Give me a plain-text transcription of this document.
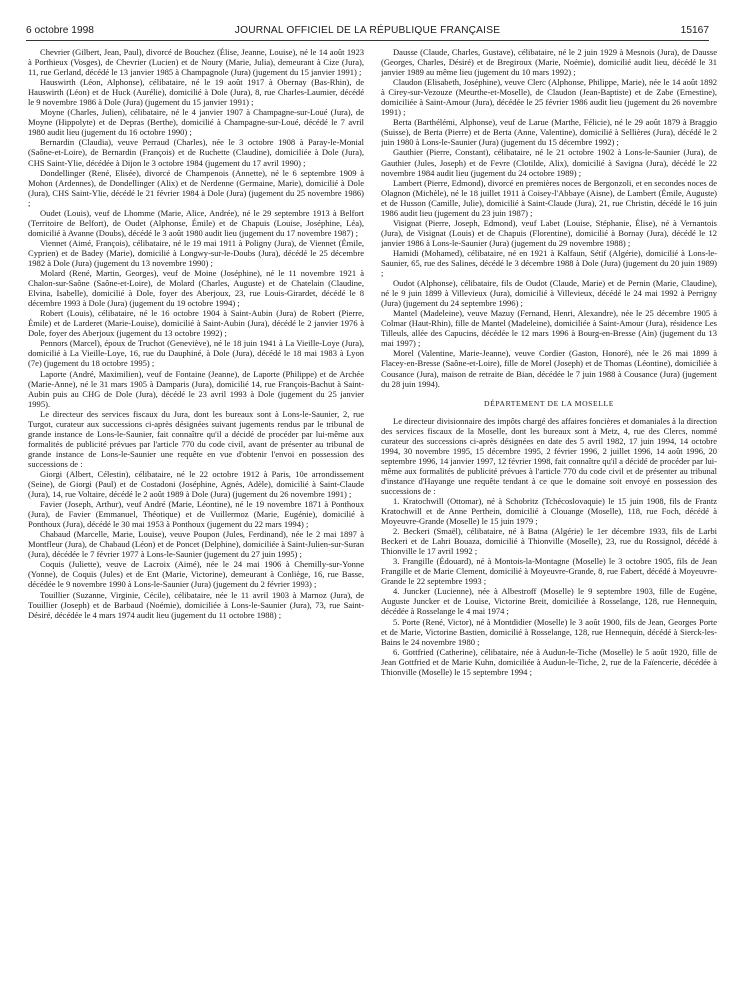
6 octobre 1998	JOURNAL OFFICIEL DE LA RÉPUBLIQUE FRANÇAISE	15167

Chevrier (Gilbert, Jean, Paul), divorcé de Bouchez (Élise, Jeanne, Louise), né le 14 août 1923 à Porthieux (Vosges), de Chevrier (Lucien) et de Noury (Marie, Julia), demeurant à Cize (Jura), 11, rue Gerland, décédé le 13 janvier 1985 à Champagnole (Jura) (jugement du 15 janvier 1991) ;

Hauswirth (Léon, Alphonse), célibataire, né le 19 août 1917 à Obernay (Bas-Rhin), de Hauswirth (Léon) et de Huck (Aurélie), domicilié à Dole (Jura), 8, rue Charles-Laumier, décédé le 9 novembre 1986 à Dole (Jura) (jugement du 15 janvier 1991) ;

Moyne (Charles, Julien), célibataire, né le 4 janvier 1907 à Champagne-sur-Loué (Jura), de Moyne (Hippolyte) et de Depras (Berthe), domicilié à Champagne-sur-Loué, décédé le 7 avril 1980 audit lieu (jugement du 16 octobre 1990) ;

Bernardin (Claudia), veuve Perraud (Charles), née le 3 octobre 1908 à Paray-le-Monial (Saône-et-Loire), de Bernardin (François) et de Ruchette (Claudine), domiciliée à Dole (Jura), CHS Saint-Ylie, décédée à Dijon le 3 octobre 1984 (jugement du 17 avril 1990) ;

Dondellinger (René, Elisée), divorcé de Champenois (Annette), né le 6 septembre 1909 à Mohon (Ardennes), de Dondellinger (Alix) et de Nerdenne (Germaine, Marie), domicilié à Dole (Jura), CHS Saint-Ylie, décédé le 21 février 1984 à Dole (Jura) (jugement du 25 novembre 1986) ;

Oudet (Louis), veuf de Lhomme (Marie, Alice, Andrée), né le 29 septembre 1913 à Belfort (Territoire de Belfort), de Oudet (Alphonse, Émile) et de Chapuis (Louise, Joséphine, Léa), domicilié à Avanne (Doubs), décédé le 3 août 1980 audit lieu (jugement du 17 novembre 1987) ;

Viennet (Aimé, François), célibataire, né le 19 mai 1911 à Poligny (Jura), de Viennet (Émile, Cyprien) et de Badey (Marie), domicilié à Longwy-sur-le-Doubs (Jura), décédé le 25 décembre 1982 à Dole (Jura) (jugement du 13 novembre 1990) ;

Molard (René, Martin, Georges), veuf de Moine (Joséphine), né le 11 novembre 1921 à Chalon-sur-Saône (Saône-et-Loire), de Molard (Charles, Auguste) et de Chatelain (Claudine, Elvina, Isabelle), domicilié à Dole, foyer des Aberjoux, 23, rue Louis-Girardet, décédé le 8 décembre 1993 à Dole (Jura) (jugement du 19 octobre 1994) ;

Robert (Louis), célibataire, né le 16 octobre 1904 à Saint-Aubin (Jura) de Robert (Pierre, Émile) et de Larderet (Marie-Louise), domicilié à Saint-Aubin (Jura), décédé le 2 janvier 1976 à Dole, foyer des Aberjoux (jugement du 13 octobre 1992) ;

Pennors (Marcel), époux de Truchot (Geneviève), né le 18 juin 1941 à La Vieille-Loye (Jura), domicilié à La Vieille-Loye, 16, rue du Dauphiné, à Dole (Jura), décédé le 18 mai 1983 à Lyon (7e) (jugement du 18 octobre 1995) ;

Laporte (André, Maximilien), veuf de Fontaine (Jeanne), de Laporte (Philippe) et de Archée (Marie-Anne), né le 31 mars 1905 à Damparis (Jura), domicilié 14, rue François-Bachut à Saint-Aubin puis au CHG de Dole (Jura), décédé le 23 avril 1993 à Dole (jugement du 25 janvier 1995).

Le directeur des services fiscaux du Jura, dont les bureaux sont à Lons-le-Saunier, 2, rue Turgot, curateur aux successions ci-après désignées suivant jugements rendus par le tribunal de grande instance de Lons-le-Saunier, fait connaître qu'il a décidé de procéder par lui-même aux formalités de publicité prévues par l'article 770 du code civil, avant de présenter au tribunal de grande instance de Lons-le-Saunier une requête en vue d'obtenir l'envoi en possession des successions de :

Giorgi (Albert, Célestin), célibataire, né le 22 octobre 1912 à Paris, 10e arrondissement (Seine), de Giorgi (Paul) et de Costadoni (Joséphine, Agnès, Adèle), domicilié à Saint-Claude (Jura), 14, rue Voltaire, décédé le 2 août 1989 à Dole (Jura) (jugement du 26 novembre 1991) ;

Favier (Joseph, Arthur), veuf André (Marie, Léontine), né le 19 novembre 1871 à Ponthoux (Jura), de Favier (Emmanuel, Théotique) et de Vuillermoz (Marie, Eugénie), domicilié à Ponthoux (Jura), décédé le 30 mai 1953 à Ponthoux (jugement du 22 mars 1994) ;

Chabaud (Marcelle, Marie, Louise), veuve Poupon (Jules, Ferdinand), née le 2 mai 1897 à Montfleur (Jura), de Chabaud (Léon) et de Poncet (Delphine), domiciliée à Saint-Julien-sur-Suran (Jura), décédée le 7 février 1977 à Lons-le-Saunier (jugement du 27 juin 1995) ;

Coquis (Juliette), veuve de Lacroix (Aimé), née le 24 mai 1906 à Chemilly-sur-Yonne (Yonne), de Coquis (Jules) et de Ent (Marie, Victorine), demeurant à Conliège, 16, rue Basse, décédée le 9 novembre 1990 à Lons-le-Saunier (Jura) (jugement du 2 février 1993) ;

Touillier (Suzanne, Virginie, Cécile), célibataire, née le 11 avril 1903 à Marnoz (Jura), de Touillier (Joseph) et de Barbaud (Noémie), domiciliée à Lons-le-Saunier (Jura), 73, rue Saint-Désiré, décédée le 4 mars 1974 audit lieu (jugement du 11 octobre 1988) ;

Dausse (Claude, Charles, Gustave), célibataire, né le 2 juin 1929 à Mesnois (Jura), de Dausse (Georges, Charles, Désiré) et de Bregiroux (Marie, Noémie), domicilié audit lieu, décédé le 31 janvier 1989 au même lieu (jugement du 10 mars 1992) ;

Claudon (Elisabeth, Joséphine), veuve Clerc (Alphonse, Philippe, Marie), née le 14 août 1892 à Cirey-sur-Vezouze (Meurthe-et-Moselle), de Claudon (Jean-Baptiste) et de Zabe (Ernestine), domiciliée à Saint-Amour (Jura), décédée le 25 février 1986 audit lieu (jugement du 26 novembre 1991) ;

Berta (Barthélémi, Alphonse), veuf de Larue (Marthe, Félicie), né le 29 août 1879 à Braggio (Suisse), de Berta (Pierre) et de Berta (Anne, Valentine), domicilié à Sellières (Jura), décédé le 2 juin 1980 à Lons-le-Saunier (Jura) (jugement du 15 décembre 1992) ;

Gauthier (Pierre, Constant), célibataire, né le 21 octobre 1902 à Lons-le-Saunier (Jura), de Gauthier (Jules, Joseph) et de Fevre (Clotilde, Alix), domicilié à Savigna (Jura), décédé le 22 novembre 1984 audit lieu (jugement du 24 octobre 1989) ;

Lambert (Pierre, Edmond), divorcé en premières noces de Bergonzoli, et en secondes noces de Olagnon (Michèle), né le 18 juillet 1911 à Coisey-l'Abbaye (Aisne), de Lambert (Émile, Auguste) et de Husson (Camille, Julie), domicilié à Saint-Claude (Jura), 21, rue Christin, décédé le 16 juin 1986 audit lieu (jugement du 23 juin 1987) ;

Visignat (Pierre, Joseph, Edmond), veuf Labet (Louise, Stéphanie, Élise), né à Vernantois (Jura), de Visignat (Louis) et de Chapuis (Florentine), domicilié à Bornay (Jura), décédé le 12 janvier 1986 à Lons-le-Saunier (Jura) (jugement du 29 novembre 1988) ;

Hamidi (Mohamed), célibataire, né en 1921 à Kalfaun, Sétif (Algérie), domicilié à Lons-le-Saunier, 65, rue des Salines, décédé le 3 décembre 1988 à Dole (Jura) (jugement du 20 juin 1989) ;

Oudot (Alphonse), célibataire, fils de Oudot (Claude, Marie) et de Pernin (Marie, Claudine), né le 9 juin 1899 à Villevieux (Jura), domicilié à Villevieux, décédé le 24 mai 1992 à Perrigny (Jura) (jugement du 24 septembre 1996) ;

Mantel (Madeleine), veuve Mazuy (Fernand, Henri, Alexandre), née le 25 décembre 1905 à Colmar (Haut-Rhin), fille de Mantel (Madeleine), domiciliée à Saint-Amour (Jura), résidence Les Tilleuls, allée des Capucins, décédée le 12 mars 1996 à Bourg-en-Bresse (Ain) (jugement du 13 mai 1997) ;

Morel (Valentine, Marie-Jeanne), veuve Cordier (Gaston, Honoré), née le 26 mai 1899 à Flacey-en-Bresse (Saône-et-Loire), fille de Morel (Joseph) et de Thomas (Léontine), domiciliée à Cousance (Jura), maison de retraite de Bian, décédée le 7 juin 1988 à Cousance (Jura) (jugement du 28 juin 1994).

DÉPARTEMENT DE LA MOSELLE

Le directeur divisionnaire des impôts chargé des affaires foncières et domaniales à la direction des services fiscaux de la Moselle, dont les bureaux sont à Metz, 4, rue des Clercs, nommé curateur des successions ci-après désignées en date des 5 avril 1982, 17 juin 1994, 14 octobre 1994, 30 novembre 1995, 15 décembre 1995, 2 février 1996, 2 juillet 1996, 14 août 1996, 20 septembre 1996, 14 janvier 1997, 12 février 1998, fait connaître qu'il a décidé de procéder par lui-même aux formalités de publicité prévues à l'article 770 du code civil et de présenter au tribunal d'instance d'Hayange une requête tendant à ce que le domaine soit envoyé en possession des successions de :

1. Kratochwill (Ottomar), né à Schobritz (Tchécoslovaquie) le 15 juin 1908, fils de Frantz Kratochwill et de Anne Perthein, domicilié à Clouange (Moselle), 118, rue Foch, décédé à Moyeuvre-Grande (Moselle) le 15 juin 1979 ;

2. Beckeri (Smaël), célibataire, né à Batna (Algérie) le 1er décembre 1933, fils de Larbi Beckeri et de Lahri Bouaza, domicilié à Thionville (Moselle), 23, rue du Rossignol, décédé à Thionville le 17 avril 1992 ;

3. Frangille (Édouard), né à Montois-la-Montagne (Moselle) le 3 octobre 1905, fils de Jean Frangille et de Marie Clement, domicilié à Moyeuvre-Grande, 8, rue Fabert, décédé à Moyeuvre-Grande le 22 septembre 1993 ;

4. Juncker (Lucienne), née à Albestroff (Moselle) le 9 septembre 1903, fille de Eugène, Auguste Juncker et de Louise, Victorine Breit, domiciliée à Rosselange, 128, rue Hennequin, décédée à Rosselange le 4 mai 1974 ;

5. Porte (René, Victor), né à Montdidier (Moselle) le 3 août 1900, fils de Jean, Georges Porte et de Marie, Victorine Bastien, domicilié à Rosselange, 128, rue Hennequin, décédé à Sierck-les-Bains le 24 novembre 1980 ;

6. Gottfried (Catherine), célibataire, née à Audun-le-Tiche (Moselle) le 5 août 1920, fille de Jean Gottfried et de Marie Kuhn, domiciliée à Audun-le-Tiche, 2, rue de la Faïencerie, décédée à Thionville (Moselle) le 15 septembre 1994 ;
